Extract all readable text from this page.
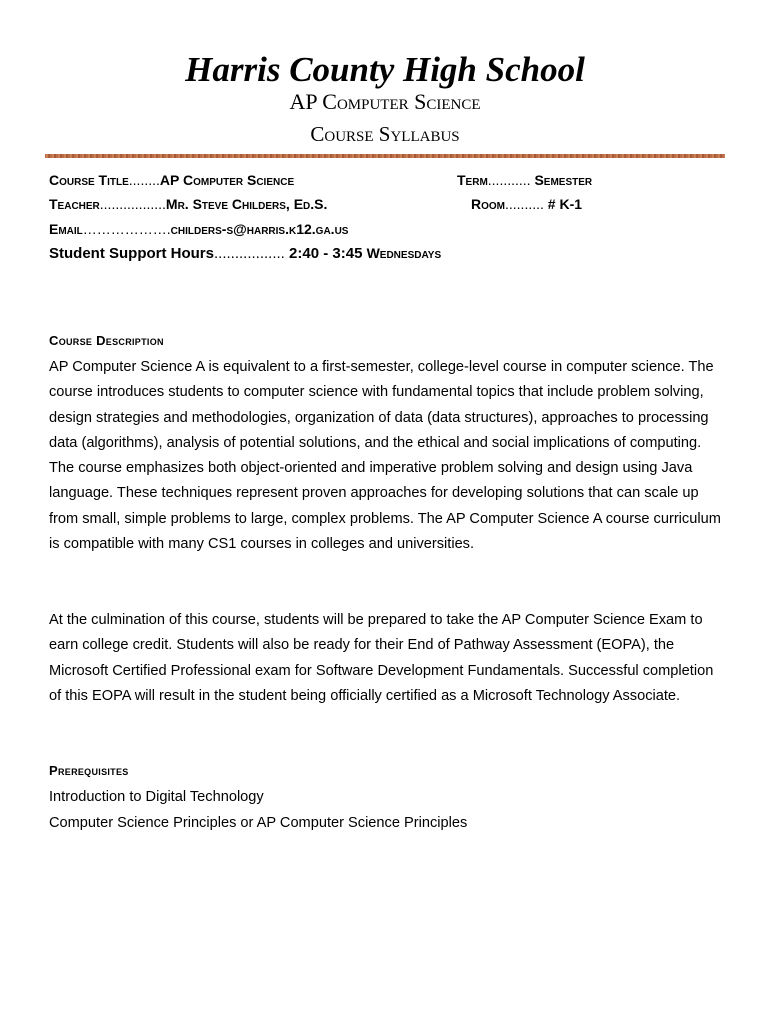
Harris County High School
AP Computer Science
Course Syllabus
Course Title........AP Computer Science	Term........... Semester
Teacher.................Mr. Steve Childers, Ed.S.	Room.......... # K-1
Email……………….childers-s@harris.k12.ga.us
Student Support Hours................. 2:40 - 3:45 Wednesdays
Course Description

AP Computer Science A is equivalent to a first-semester, college-level course in computer science. The course introduces students to computer science with fundamental topics that include problem solving, design strategies and methodologies, organization of data (data structures), approaches to processing data (algorithms), analysis of potential solutions, and the ethical and social implications of computing. The course emphasizes both object-oriented and imperative problem solving and design using Java language. These techniques represent proven approaches for developing solutions that can scale up from small, simple problems to large, complex problems. The AP Computer Science A course curriculum is compatible with many CS1 courses in colleges and universities.

At the culmination of this course, students will be prepared to take the AP Computer Science Exam to earn college credit. Students will also be ready for their End of Pathway Assessment (EOPA), the Microsoft Certified Professional exam for Software Development Fundamentals. Successful completion of this EOPA will result in the student being officially certified as a Microsoft Technology Associate.

Prerequisites
Introduction to Digital Technology
Computer Science Principles or AP Computer Science Principles
